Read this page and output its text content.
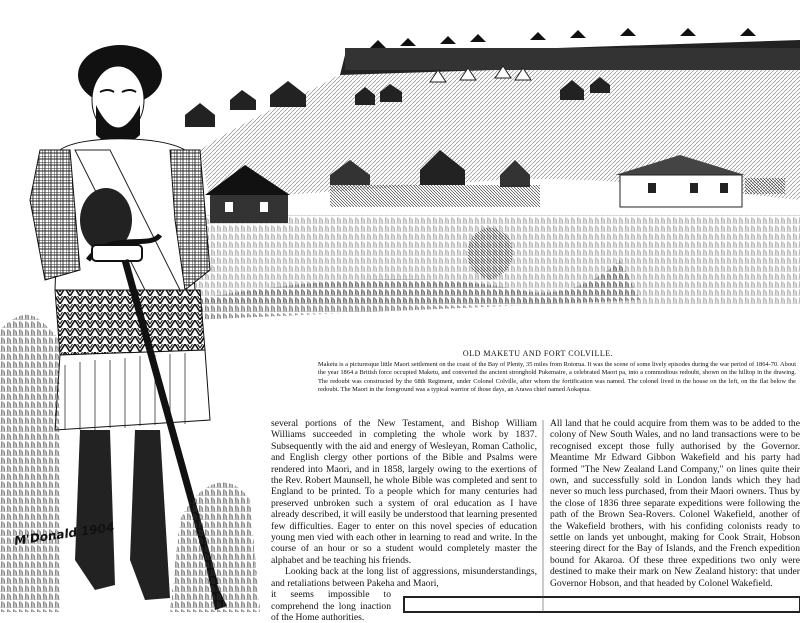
M'Donald 1904
OLD MAKETU AND FORT COLVILLE.
Maketu is a picturesque little Maori settlement on the coast of the Bay of Plenty, 35 miles from Rotorua. It was the scene of some lively episodes during the war period of 1864-70. About the year 1864 a British force occupied Maketu, and converted the ancient stronghold Pukemaire, a celebrated Maori pa, into a commodious redoubt, shown on the hilltop in the drawing. The redoubt was constructed by the 68th Regiment, under Colonel Colville, after whom the fortification was named. The colonel lived in the house on the left, on the flat below the redoubt. The Maori in the foreground was a typical warrior of those days, an Arawa chief named Aokapua.

several portions of the New Testament, and Bishop William Williams succeeded in completing the whole work by 1837. Subsequently with the aid and energy of Wesleyan, Roman Catholic, and English clergy other portions of the Bible and Psalms were rendered into Maori, and in 1858, largely owing to the exertions of the Rev. Robert Maunsell, he whole Bible was completed and sent to England to be printed. To a people which for many centuries had preserved unbroken such a system of oral education as I have already described, it will easily be understood that learning presented few difficulties. Eager to enter on this novel species of education young men vied with each other in learning to read and write. In the course of an hour or so a student would completely master the alphabet and be teaching his friends.

Looking back at the long list of aggressions, misunderstandings, and retaliations between Pakeha and Maori,

it seems impossible to comprehend the long inaction of the Home authorities.

All land that he could acquire from them was to be added to the colony of New South Wales, and no land transactions were to be recognised except those fully authorised by the Governor. Meantime Mr Edward Gibbon Wakefield and his party had formed "The New Zealand Land Company," on lines quite their own, and successfully sold in London lands which they had never so much less purchased, from their Maori owners. Thus by the close of 1836 three separate expeditions were following the path of the Brown Sea-Rovers. Colonel Wakefield, another of the Wakefield brothers, with his confiding colonists ready to settle on lands yet unbought, making for Cook Strait, Hobson steering direct for the Bay of Islands, and the French expedition bound for Akaroa. Of these three expeditions two only were destined to make their mark on New Zealand history: that under Governor Hobson, and that headed by Colonel Wakefield.
